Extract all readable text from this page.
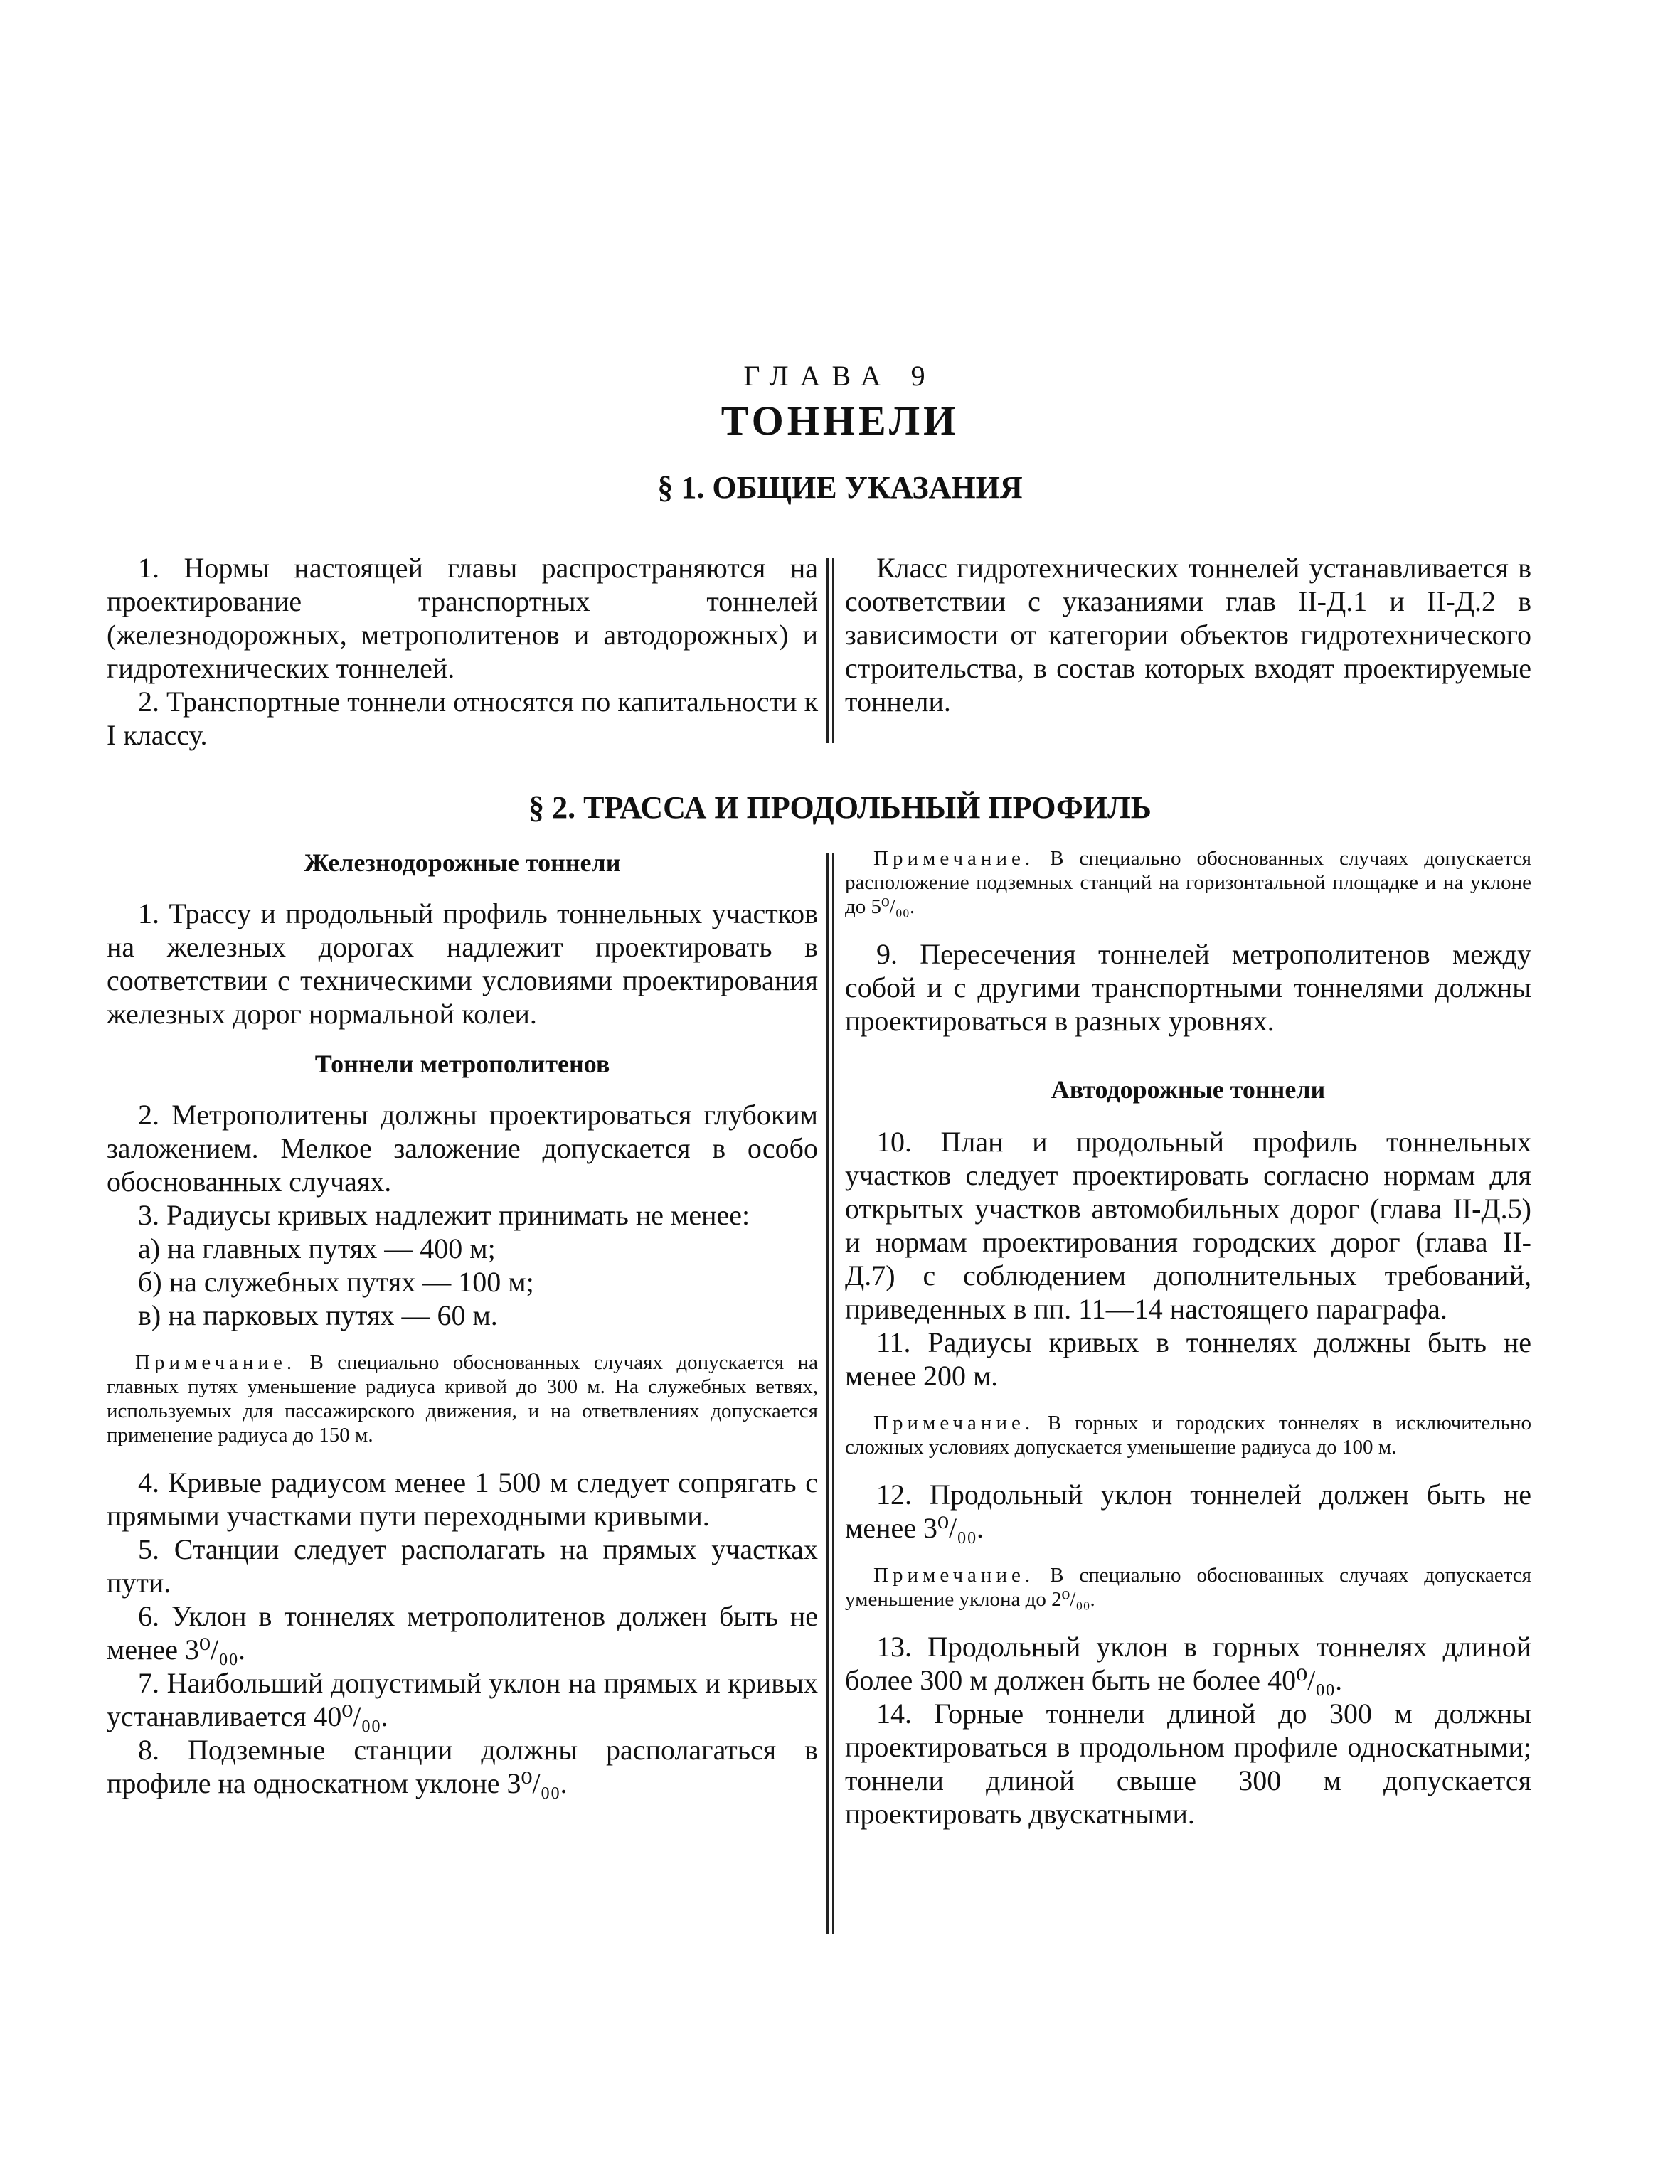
ГЛАВА 9
ТОННЕЛИ
§ 1. ОБЩИЕ УКАЗАНИЯ

1. Нормы настоящей главы распространяются на проектирование транспортных тоннелей (железнодорожных, метрополитенов и автодорожных) и гидротехнических тоннелей.

2. Транспортные тоннели относятся по капитальности к I классу.

Класс гидротехнических тоннелей устанавливается в соответствии с указаниями глав II-Д.1 и II-Д.2 в зависимости от категории объектов гидротехнического строительства, в состав которых входят проектируемые тоннели.

§ 2. ТРАССА И ПРОДОЛЬНЫЙ ПРОФИЛЬ

Железнодорожные тоннели

1. Трассу и продольный профиль тоннельных участков на железных дорогах надлежит проектировать в соответствии с техническими условиями проектирования железных дорог нормальной колеи.

Тоннели метрополитенов

2. Метрополитены должны проектироваться глубоким заложением. Мелкое заложение допускается в особо обоснованных случаях.

3. Радиусы кривых надлежит принимать не менее:

а) на главных путях — 400 м;

б) на служебных путях — 100 м;

в) на парковых путях — 60 м.

Примечание. В специально обоснованных случаях допускается на главных путях уменьшение радиуса кривой до 300 м. На служебных ветвях, используемых для пассажирского движения, и на ответвлениях допускается применение радиуса до 150 м.

4. Кривые радиусом менее 1 500 м следует сопрягать с прямыми участками пути переходными кривыми.

5. Станции следует располагать на прямых участках пути.

6. Уклон в тоннелях метрополитенов должен быть не менее 3⁰/₀₀.

7. Наибольший допустимый уклон на прямых и кривых устанавливается 40⁰/₀₀.

8. Подземные станции должны располагаться в профиле на односкатном уклоне 3⁰/₀₀.

Примечание. В специально обоснованных случаях допускается расположение подземных станций на горизонтальной площадке и на уклоне до 5⁰/₀₀.

9. Пересечения тоннелей метрополитенов между собой и с другими транспортными тоннелями должны проектироваться в разных уровнях.

Автодорожные тоннели

10. План и продольный профиль тоннельных участков следует проектировать согласно нормам для открытых участков автомобильных дорог (глава II-Д.5) и нормам проектирования городских дорог (глава II-Д.7) с соблюдением дополнительных требований, приведенных в пп. 11—14 настоящего параграфа.

11. Радиусы кривых в тоннелях должны быть не менее 200 м.

Примечание. В горных и городских тоннелях в исключительно сложных условиях допускается уменьшение радиуса до 100 м.

12. Продольный уклон тоннелей должен быть не менее 3⁰/₀₀.

Примечание. В специально обоснованных случаях допускается уменьшение уклона до 2⁰/₀₀.

13. Продольный уклон в горных тоннелях длиной более 300 м должен быть не более 40⁰/₀₀.

14. Горные тоннели длиной до 300 м должны проектироваться в продольном профиле односкатными; тоннели длиной свыше 300 м допускается проектировать двускатными.
